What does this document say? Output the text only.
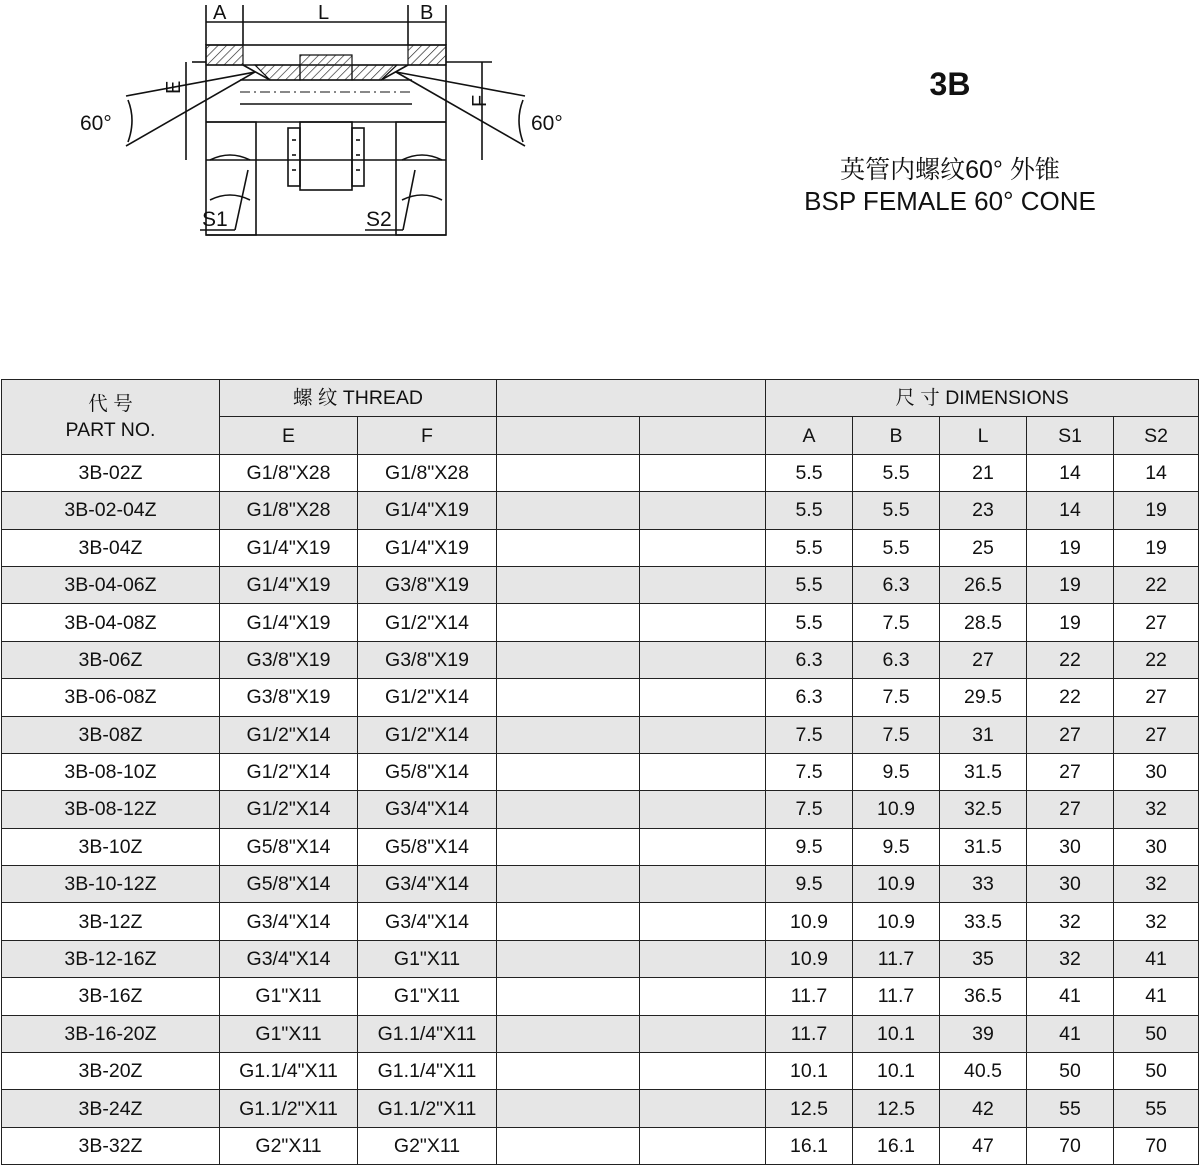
A	L	B
E
F
60°	60°
S1	S2
3B
英管内螺纹60° 外锥
BSP FEMALE 60° CONE
代 号
PART NO.	螺 纹 THREAD				尺 寸 DIMENSIONS				
	E	F			A	B	L	S1	S2
3B-02Z	G1/8"X28	G1/8"X28			5.5	5.5	21	14	14
3B-02-04Z	G1/8"X28	G1/4"X19			5.5	5.5	23	14	19
3B-04Z	G1/4"X19	G1/4"X19			5.5	5.5	25	19	19
3B-04-06Z	G1/4"X19	G3/8"X19			5.5	6.3	26.5	19	22
3B-04-08Z	G1/4"X19	G1/2"X14			5.5	7.5	28.5	19	27
3B-06Z	G3/8"X19	G3/8"X19			6.3	6.3	27	22	22
3B-06-08Z	G3/8"X19	G1/2"X14			6.3	7.5	29.5	22	27
3B-08Z	G1/2"X14	G1/2"X14			7.5	7.5	31	27	27
3B-08-10Z	G1/2"X14	G5/8"X14			7.5	9.5	31.5	27	30
3B-08-12Z	G1/2"X14	G3/4"X14			7.5	10.9	32.5	27	32
3B-10Z	G5/8"X14	G5/8"X14			9.5	9.5	31.5	30	30
3B-10-12Z	G5/8"X14	G3/4"X14			9.5	10.9	33	30	32
3B-12Z	G3/4"X14	G3/4"X14			10.9	10.9	33.5	32	32
3B-12-16Z	G3/4"X14	G1"X11			10.9	11.7	35	32	41
3B-16Z	G1"X11	G1"X11			11.7	11.7	36.5	41	41
3B-16-20Z	G1"X11	G1.1/4"X11			11.7	10.1	39	41	50
3B-20Z	G1.1/4"X11	G1.1/4"X11			10.1	10.1	40.5	50	50
3B-24Z	G1.1/2"X11	G1.1/2"X11			12.5	12.5	42	55	55
3B-32Z	G2"X11	G2"X11			16.1	16.1	47	70	70
